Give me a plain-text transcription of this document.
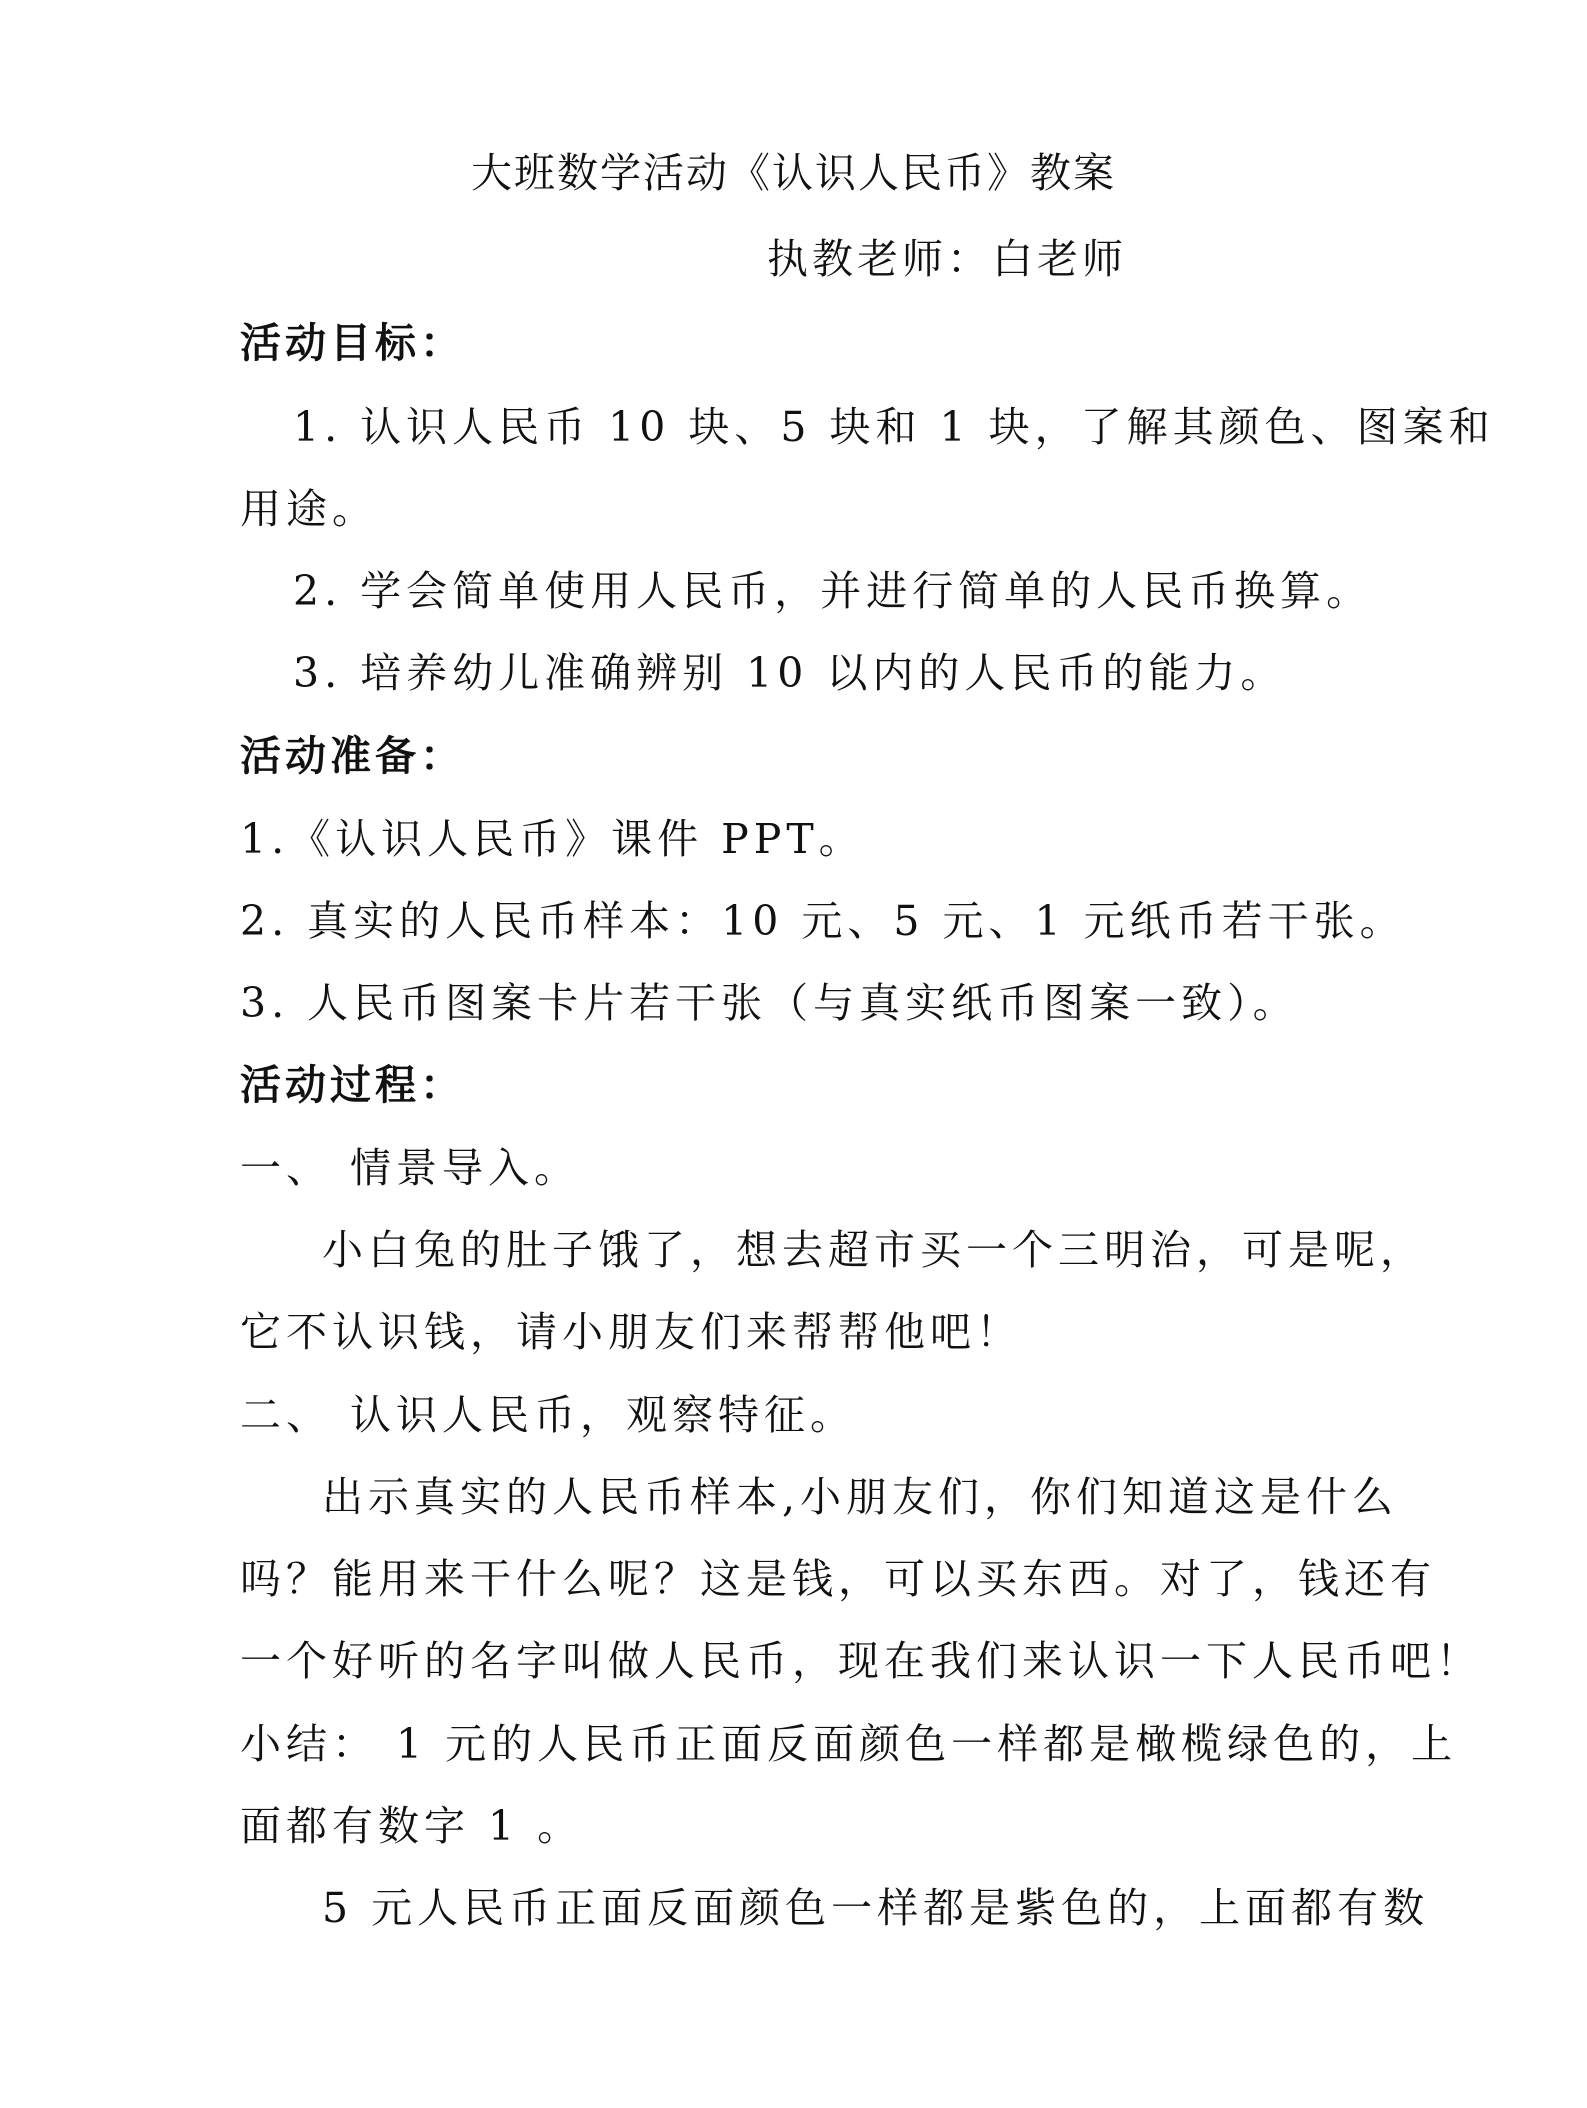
大班数学活动《认识人民币》教案
执教老师：白老师
活动目标：
1. 认识人民币 10 块、5 块和 1 块，了解其颜色、图案和
用途。
2. 学会简单使用人民币，并进行简单的人民币换算。
3. 培养幼儿准确辨别 10 以内的人民币的能力。
活动准备：
1.《认识人民币》课件 PPT。
2. 真实的人民币样本：10 元、5 元、1 元纸币若干张。
3. 人民币图案卡片若干张（与真实纸币图案一致）。
活动过程：
一、 情景导入。
小白兔的肚子饿了，想去超市买一个三明治，可是呢，
它不认识钱，请小朋友们来帮帮他吧！
二、 认识人民币，观察特征。
出示真实的人民币样本,小朋友们，你们知道这是什么
吗？能用来干什么呢？这是钱，可以买东西。对了，钱还有
一个好听的名字叫做人民币，现在我们来认识一下人民币吧！
小结： 1 元的人民币正面反面颜色一样都是橄榄绿色的，上
面都有数字 1 。
5 元人民币正面反面颜色一样都是紫色的，上面都有数
